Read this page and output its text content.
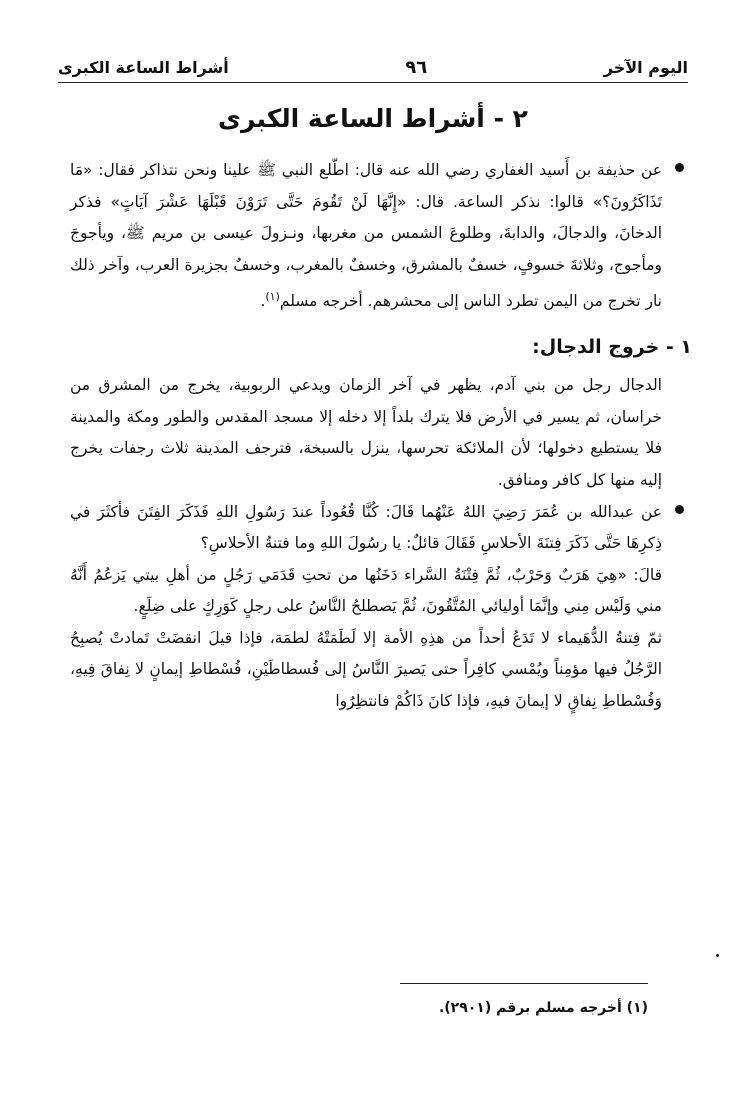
اليوم الآخر
٩٦
أشراط الساعة الكبرى
٢ - أشراط الساعة الكبرى

عن حذيفة بن أَسيد الغفاري رضي الله عنه قال: اطّلع النبي ﷺ علينا ونحن نتذاكر فقال: «مَا تَذَاكَرُونَ؟» قالوا: نذكر الساعة. قال: «إِنَّهَا لَنْ تَقُومَ حَتَّى تَرَوْنَ قَبْلَهَا عَشْرَ آيَاتٍ» فذكر الدخانَ، والدجالَ، والدابةَ، وطلوعَ الشمس من مغربها، ونـزولَ عيسى بن مريم ﷺ، ويأجوجَ ومأجوج، وثلاثةَ خسوفٍ، خسفٌ بالمشرق، وخسفٌ بالمغرب، وخسفٌ بجزيرة العرب، وآخر ذلك نار تخرج من اليمن تطرد الناس إلى محشرهم. أخرجه مسلم$^{(١)}$.

١ - خروج الدجال:

الدجال رجل من بني آدم، يظهر في آخر الزمان ويدعي الربوبية، يخرج من المشرق من خراسان، ثم يسير في الأرض فلا يترك بلداً إلا دخله إلا مسجد المقدس والطور ومكة والمدينة فلا يستطيع دخولها؛ لأن الملائكة تحرسها، ينزل بالسبخة، فترجف المدينة ثلاث رجفات يخرج إليه منها كل كافر ومنافق.

عن عبدالله بن عُمَرَ رَضِيَ اللهُ عَنْهُما قَالَ: كُنَّا قُعُوداً عندَ رَسُولِ اللهِ فَذَكَرَ الفِتَنَ فأكثَرَ في ذِكرِهَا حَتَّى ذَكَرَ فِتنَةَ الأحلاسِ فَقَالَ قائلٌ: يا رسُولَ اللهِ وما فتنةُ الأحلاسِ؟

قالَ: «هِيَ هَرَبٌ وَحَرْبٌ، ثُمَّ فِتْنَةُ السَّراء دَخَنُها من تحتِ قَدَمَي رَجُلٍ من أهلِ بيتي يَزعُمُ أَنَّهُ مني وَلَيْس مِني وإنَّمَا أوليائي المُتَّقُونَ، ثُمَّ يَصطلحُ النَّاسُ على رجلٍ كَوَرِكٍ على ضِلَعٍ.

ثمّ فِتنةُ الدُّهَيماء لا تَدَعُ أحداً من هذِهِ الأمة إلا لَطَمَتْهُ لطمَة، فإذا قيلَ انقضَتْ تَمادتْ يُصبِحُ الرَّجُلُ فيها مؤمِناً ويُمْسي كافِراً حتى يَصيرَ النَّاسُ إلى فُسطاطَيْنِ، فُسْطاطِ إيمانٍ لا نِفاقَ فِيهِ، وَفُسْطاطِ نِفاقٍ لا إيمانَ فيهِ، فإذا كانَ ذَاكُمْ فانتظِرُوا

(١) أخرجه مسلم برقم (٢٩٠١).
